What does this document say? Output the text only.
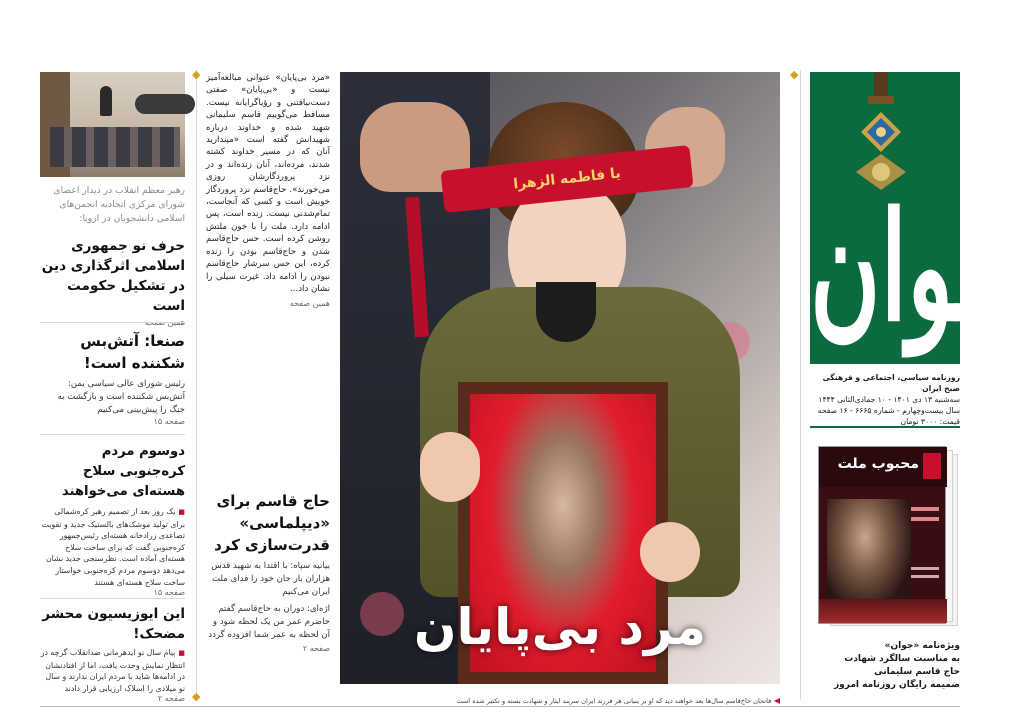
◆	◆
◆
جوان
روزنامه سیاسی، اجتماعی و فرهنگی صبح ایران
سه‌شنبه ۱۳ دی ۱۴۰۱ - ۱۰ جمادی‌الثانی ۱۴۴۴
سال بیست‌وچهارم - شماره ۶۶۶۵ - ۱۶ صفحه
قیمت: ۳۰۰۰ تومان
محبوب ملت
ویژه‌نامه «جوان»
به مناسبت سالگرد شهادت
حاج قاسم سلیمانی
ضمیمه رایگان روزنامه امروز
یا فاطمه الزهرا
مرد بی‌پایان
◀ فاتحان حاج‌قاسم سال‌ها بعد خواهند دید که او بر بنیانی هر فرزند ایران سربند ایثار و شهادت بسته و تکثیر شده است
«مرد بی‌پایان» عنوانی مبالغه‌آمیز نیست و «بی‌پایان» صفتی دست‌نیافتنی و رؤیاگرایانه نیست. مسافط می‌گوییم قاسم سلیمانی شهید شده و خداوند درباره شهیدانش گفته است «مپندارید آنان که در مسیر خداوند کشته شدند، مرده‌اند، آنان زنده‌اند و در نزد پروردگارشان روزی می‌خورند». حاج‌قاسم نزد پروردگار خویش است و کسی که آنجاست، تمام‌شدنی نیست. زنده است، پس ادامه دارد. ملت را با خون ملتش روشن کرده است. حس حاج‌قاسم شدن و حاج‌قاسم بودن را زنده کرده، این حس سرشار حاج‌قاسم نبودن را ادامه داد. غیرت سیلی را نشان داد...
همین صفحه
حاج قاسم برای «دیپلماسی» قدرت‌سازی کرد
بیانیه سپاه: با اقتدا به شهید قدس هزاران بار جان خود را فدای ملت ایران می‌کنیم
اژه‌ای: دوران به حاج‌قاسم گفتم حاضرم عمر من یک لحظه شود و آن لحظه به عمر شما افزوده گردد
صفحه ۲
رهبر معظم انقلاب در دیدار اعضای شورای مرکزی اتحادیه انجمن‌های اسلامی دانشجویان در اروپا:
حرف نو جمهوری اسلامی اثرگذاری دین در تشکیل حکومت است
صنعا: آتش‌بس شکننده است!
رئیس شورای عالی سیاسی یمن: آتش‌بس شکننده است و بازگشت به جنگ را پیش‌بینی می‌کنیم
صفحه ۱۵
دوسوم مردم کره‌جنوبی سلاح هسته‌ای می‌خواهند
■ یک روز بعد از تصمیم رهبر کره‌شمالی برای تولید موشک‌های بالستیک جدید و تقویت تصاعدی زرادخانه هسته‌ای رئیس‌جمهور کره‌جنوبی گفت که برای ساخت سلاح هسته‌ای آماده است. نظرسنجی جدید نشان می‌دهد دوسوم مردم کره‌جنوبی خواستار ساخت سلاح هسته‌ای هستند
صفحه ۱۵
این ایوزیسیون محشر مضحک!
■ پیام سال نو ایدهرمانی ضدانقلاب گرچه در انتظار نمایش وحدت یافت، اما از افتادنشان در ادامه‌ها شاید با مردم ایران ندارند و سال نو میلادی را اسلاک ارزیابی قرار دادند
صفحه ۲
